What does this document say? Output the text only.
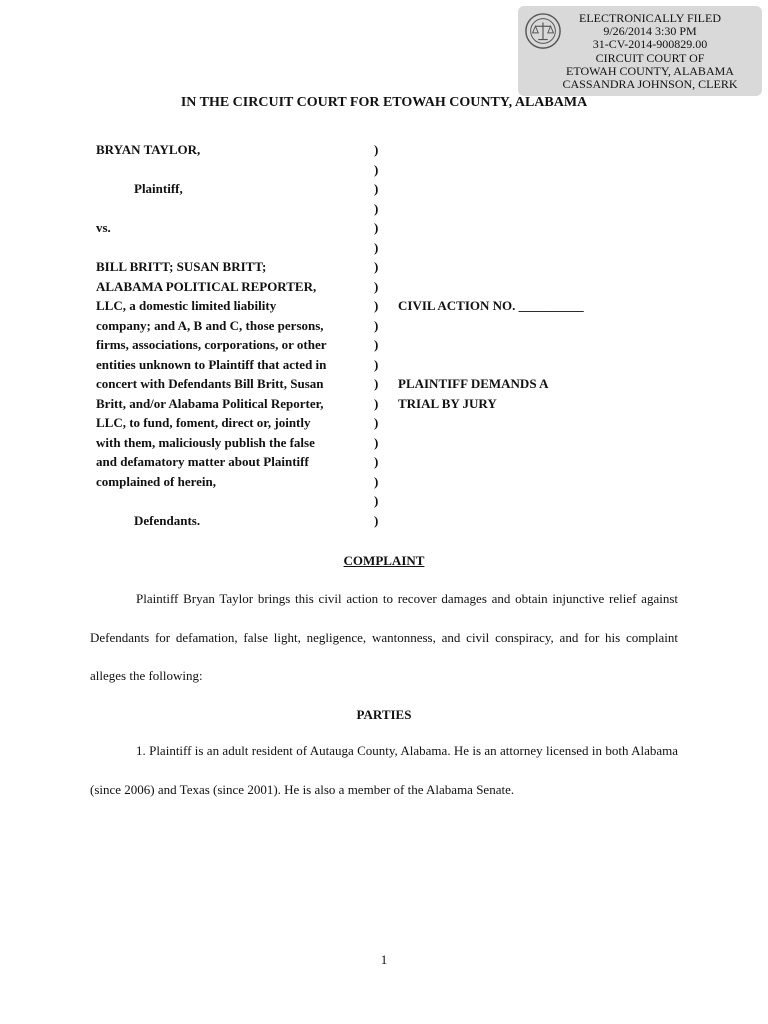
ELECTRONICALLY FILED
9/26/2014 3:30 PM
31-CV-2014-900829.00
CIRCUIT COURT OF
ETOWAH COUNTY, ALABAMA
CASSANDRA JOHNSON, CLERK
IN THE CIRCUIT COURT FOR ETOWAH COUNTY, ALABAMA
BRYAN TAYLOR,
Plaintiff,
vs.
BILL BRITT; SUSAN BRITT;
ALABAMA POLITICAL REPORTER,
LLC, a domestic limited liability
company; and A, B and C, those persons,
firms, associations, corporations, or other
entities unknown to Plaintiff that acted in
concert with Defendants Bill Britt, Susan
Britt, and/or Alabama Political Reporter,
LLC, to fund, foment, direct or, jointly
with them, maliciously publish the false
and defamatory matter about Plaintiff
complained of herein,
Defendants.
)
)
)
)
)
)
)
)
)
)
)
)
)
)
)
)
)
)
)
)
CIVIL ACTION NO. __________
PLAINTIFF DEMANDS A
TRIAL BY JURY
COMPLAINT
Plaintiff Bryan Taylor brings this civil action to recover damages and obtain injunctive relief against Defendants for defamation, false light, negligence, wantonness, and civil conspiracy, and for his complaint alleges the following:
PARTIES
1. Plaintiff is an adult resident of Autauga County, Alabama. He is an attorney licensed in both Alabama (since 2006) and Texas (since 2001). He is also a member of the Alabama Senate.
1
